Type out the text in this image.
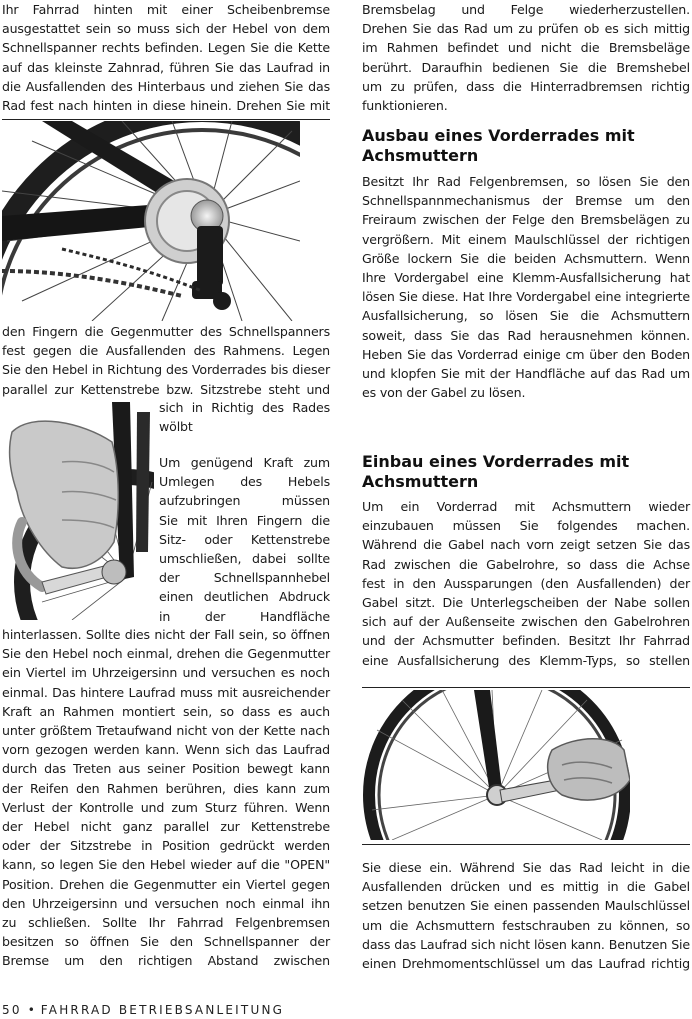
Ihr Fahrrad hinten mit einer Scheibenbremse
ausgestattet sein so muss sich der Hebel von dem
Schnellspanner rechts befinden. Legen Sie die Kette
auf das kleinste Zahnrad, führen Sie das Laufrad in
die Ausfallenden des Hinterbaus und ziehen Sie das
Rad fest nach hinten in diese hinein. Drehen Sie mit
den Fingern die Gegenmutter des Schnellspanners
fest gegen die Ausfallenden des Rahmens. Legen
Sie den Hebel in Richtung des Vorderrades bis dieser
parallel zur Kettenstrebe bzw. Sitzstrebe steht und
sich in Richtig des Rades
wölbt
Um genügend Kraft zum
Umlegen des Hebels
aufzubringen müssen
Sie mit Ihren Fingern die
Sitz- oder Kettenstrebe
umschließen, dabei sollte
der Schnellspannhebel
einen deutlichen Abdruck
in der Handfläche
hinterlassen. Sollte dies nicht der Fall sein, so öffnen
Sie den Hebel noch einmal, drehen die Gegenmutter
ein Viertel im Uhrzeigersinn und versuchen es noch
einmal. Das hintere Laufrad muss mit ausreichender
Kraft an Rahmen montiert sein, so dass es auch
unter größtem Tretaufwand nicht von der Kette nach
vorn gezogen werden kann. Wenn sich das Laufrad
durch das Treten aus seiner Position bewegt kann
der Reifen den Rahmen berühren, dies kann zum
Verlust der Kontrolle und zum Sturz führen. Wenn
der Hebel nicht ganz parallel zur Kettenstrebe
oder der Sitzstrebe in Position gedrückt werden
kann, so legen Sie den Hebel wieder auf die "OPEN"
Position. Drehen die Gegenmutter ein Viertel gegen
den Uhrzeigersinn und versuchen noch einmal ihn
zu schließen. Sollte Ihr Fahrrad Felgenbremsen
besitzen so öffnen Sie den Schnellspanner der
Bremse um den richtigen Abstand zwischen
Bremsbelag und Felge wiederherzustellen.
Drehen Sie das Rad um zu prüfen ob es sich mittig
im Rahmen befindet und nicht die Bremsbeläge
berührt. Daraufhin bedienen Sie die Bremshebel
um zu prüfen, dass die Hinterradbremsen richtig
funktionieren.
Ausbau eines Vorderrades mit
Achsmuttern
Besitzt Ihr Rad Felgenbremsen, so lösen Sie den
Schnellspannmechanismus der Bremse um den
Freiraum zwischen der Felge den Bremsbelägen zu
vergrößern. Mit einem Maulschlüssel der richtigen
Größe lockern Sie die beiden Achsmuttern. Wenn
Ihre Vordergabel eine Klemm-Ausfallsicherung hat
lösen Sie diese. Hat Ihre Vordergabel eine integrierte
Ausfallsicherung, so lösen Sie die Achsmuttern
soweit, dass Sie das Rad herausnehmen können.
Heben Sie das Vorderrad einige cm über den Boden
und klopfen Sie mit der Handfläche auf das Rad um
es von der Gabel zu lösen.
Einbau eines Vorderrades mit
Achsmuttern
Um ein Vorderrad mit Achsmuttern wieder
einzubauen müssen Sie folgendes machen.
Während die Gabel nach vorn zeigt setzen Sie das
Rad zwischen die Gabelrohre, so dass die Achse
fest in den Aussparungen (den Ausfallenden) der
Gabel sitzt. Die Unterlegscheiben der Nabe sollen
sich auf der Außenseite zwischen den Gabelrohren
und der Achsmutter befinden. Besitzt Ihr Fahrrad
eine Ausfallsicherung des Klemm-Typs, so stellen
Sie diese ein. Während Sie das Rad leicht in die
Ausfallenden drücken und es mittig in die Gabel
setzen benutzen Sie einen passenden Maulschlüssel
um die Achsmuttern festschrauben zu können, so
dass das Laufrad sich nicht lösen kann. Benutzen Sie
einen Drehmomentschlüssel um das Laufrad richtig
50 • FAHRRAD BETRIEBSANLEITUNG
